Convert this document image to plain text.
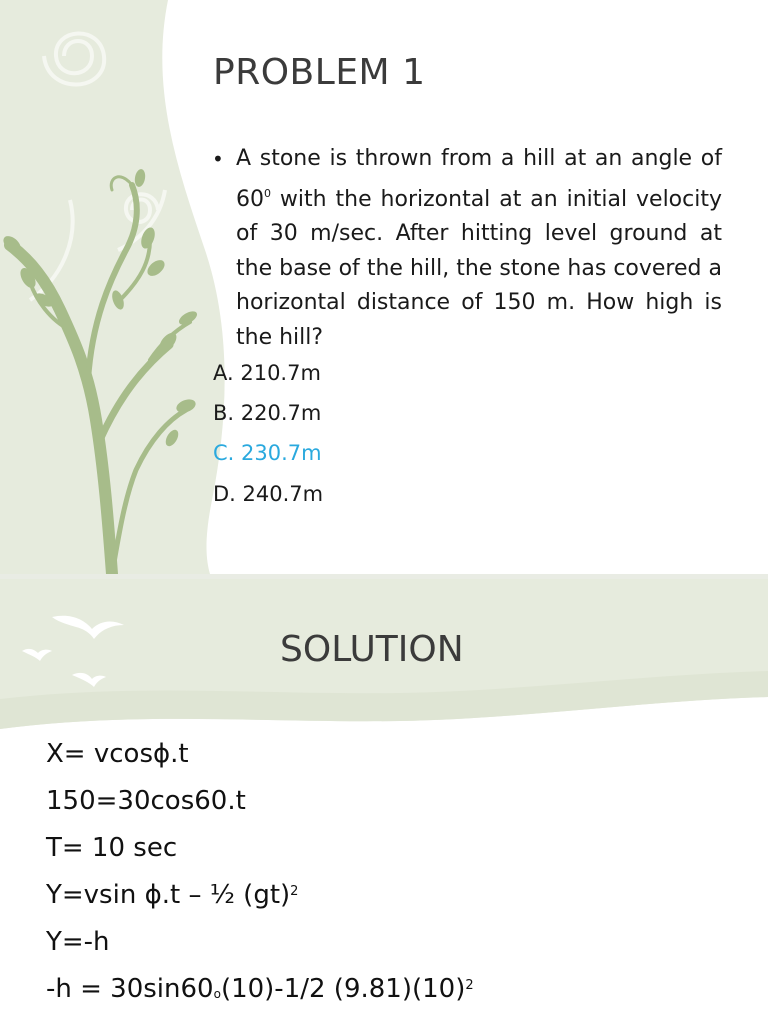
PROBLEM 1
• A stone is thrown from a hill at an angle of $60^0$ with the horizontal at an initial velocity of 30 m/sec. After hitting level ground at the base of the hill, the stone has covered a horizontal distance of 150 m. How high is the hill?
A. 210.7m
B. 220.7m
C. 230.7m
D. 240.7m
SOLUTION
X= vcosϕ.t
150=30cos60.t
T= 10 sec
Y=vsin ϕ.t – ½ (gt)$^2$
Y=-h
$-h = 30\sin 60_o(10)-1/2$ $(9.81)(10)^2$
